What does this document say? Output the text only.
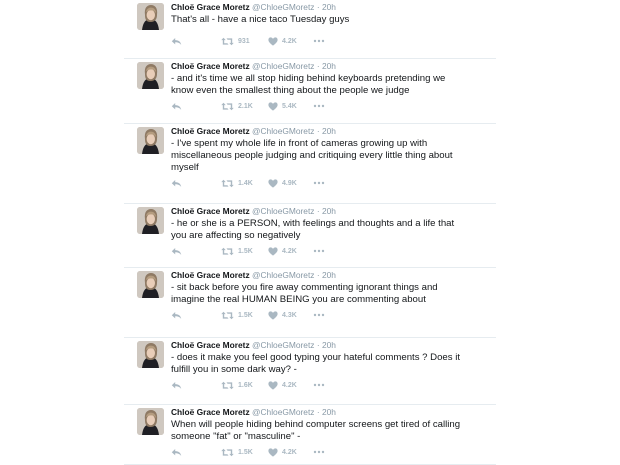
Chloë Grace Moretz @ChloeGMoretz · 20h
That's all - have a nice taco Tuesday guys
931	4.2K
Chloë Grace Moretz @ChloeGMoretz · 20h
- and it's time we all stop hiding behind keyboards pretending we
know even the smallest thing about the people we judge
2.1K	5.4K
Chloë Grace Moretz @ChloeGMoretz · 20h
- I've spent my whole life in front of cameras growing up with
miscellaneous people judging and critiquing every little thing about
myself
1.4K	4.9K
Chloë Grace Moretz @ChloeGMoretz · 20h
- he or she is a PERSON, with feelings and thoughts and a life that
you are affecting so negatively
1.5K	4.2K
Chloë Grace Moretz @ChloeGMoretz · 20h
- sit back before you fire away commenting ignorant things and
imagine the real HUMAN BEING you are commenting about
1.5K	4.3K
Chloë Grace Moretz @ChloeGMoretz · 20h
- does it make you feel good typing your hateful comments ? Does it
fulfill you in some dark way? -
1.6K	4.2K
Chloë Grace Moretz @ChloeGMoretz · 20h
When will people hiding behind computer screens get tired of calling
someone "fat" or "masculine" -
1.5K	4.2K
